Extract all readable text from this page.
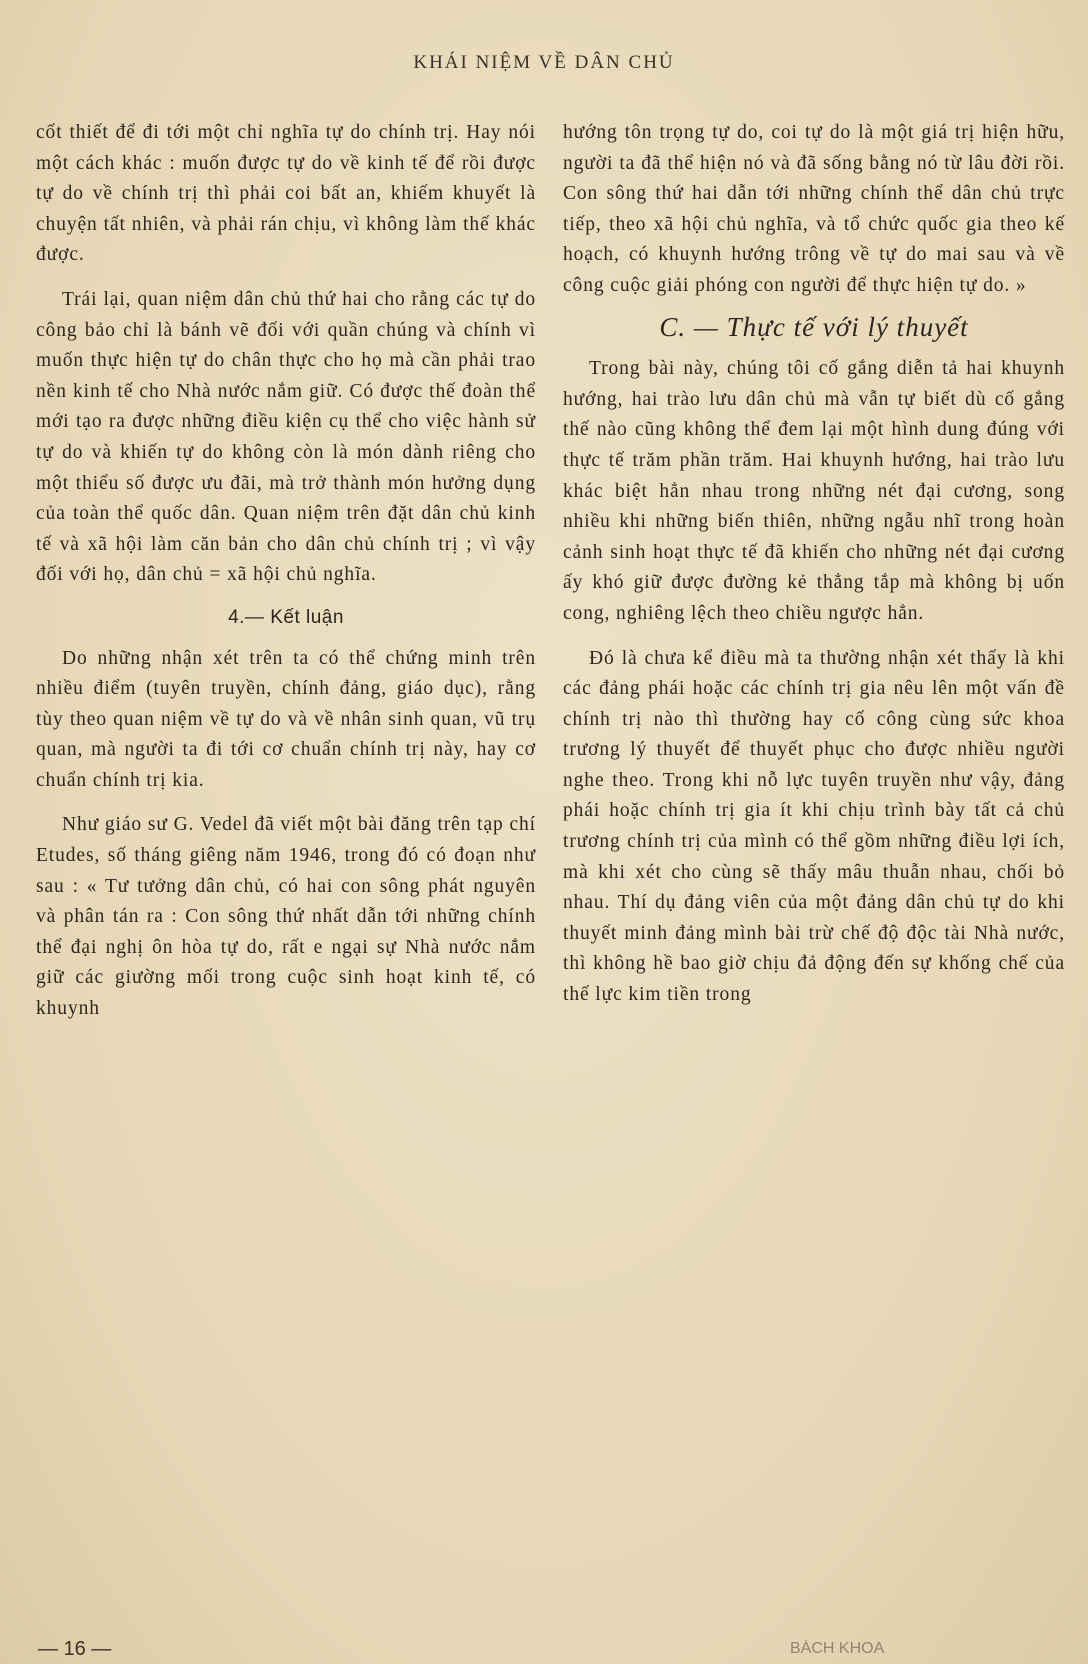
KHÁI NIỆM VỀ DÂN CHỦ

cốt thiết để đi tới một chỉ nghĩa tự do chính trị. Hay nói một cách khác : muốn được tự do về kinh tế để rồi được tự do về chính trị thì phải coi bất an, khiếm khuyết là chuyện tất nhiên, và phải rán chịu, vì không làm thế khác được.

Trái lại, quan niệm dân chủ thứ hai cho rằng các tự do công bảo chỉ là bánh vẽ đối với quần chúng và chính vì muốn thực hiện tự do chân thực cho họ mà cần phải trao nền kinh tế cho Nhà nước nắm giữ. Có được thế đoàn thể mới tạo ra được những điều kiện cụ thể cho việc hành sử tự do và khiến tự do không còn là món dành riêng cho một thiểu số được ưu đãi, mà trở thành món hưởng dụng của toàn thể quốc dân. Quan niệm trên đặt dân chủ kinh tế và xã hội làm căn bản cho dân chủ chính trị ; vì vậy đối với họ, dân chủ = xã hội chủ nghĩa.

4.— Kết luận

Do những nhận xét trên ta có thể chứng minh trên nhiều điểm (tuyên truyền, chính đảng, giáo dục), rằng tùy theo quan niệm về tự do và về nhân sinh quan, vũ trụ quan, mà người ta đi tới cơ chuẩn chính trị này, hay cơ chuẩn chính trị kia.

Như giáo sư G. Vedel đã viết một bài đăng trên tạp chí Etudes, số tháng giêng năm 1946, trong đó có đoạn như sau : « Tư tưởng dân chủ, có hai con sông phát nguyên và phân tán ra : Con sông thứ nhất dẫn tới những chính thể đại nghị ôn hòa tự do, rất e ngại sự Nhà nước nắm giữ các giường mối trong cuộc sinh hoạt kinh tế, có khuynh

hướng tôn trọng tự do, coi tự do là một giá trị hiện hữu, người ta đã thể hiện nó và đã sống bằng nó từ lâu đời rồi. Con sông thứ hai dẫn tới những chính thể dân chủ trực tiếp, theo xã hội chủ nghĩa, và tổ chức quốc gia theo kế hoạch, có khuynh hướng trông về tự do mai sau và về công cuộc giải phóng con người để thực hiện tự do. »

C. — Thực tế với lý thuyết

Trong bài này, chúng tôi cố gắng diễn tả hai khuynh hướng, hai trào lưu dân chủ mà vẫn tự biết dù cố gắng thế nào cũng không thể đem lại một hình dung đúng với thực tế trăm phần trăm. Hai khuynh hướng, hai trào lưu khác biệt hẳn nhau trong những nét đại cương, song nhiều khi những biến thiên, những ngẫu nhĩ trong hoàn cảnh sinh hoạt thực tế đã khiến cho những nét đại cương ấy khó giữ được đường kẻ thẳng tắp mà không bị uốn cong, nghiêng lệch theo chiều ngược hẳn.

Đó là chưa kể điều mà ta thường nhận xét thấy là khi các đảng phái hoặc các chính trị gia nêu lên một vấn đề chính trị nào thì thường hay cố công cùng sức khoa trương lý thuyết để thuyết phục cho được nhiều người nghe theo. Trong khi nỗ lực tuyên truyền như vậy, đảng phái hoặc chính trị gia ít khi chịu trình bày tất cả chủ trương chính trị của mình có thể gồm những điều lợi ích, mà khi xét cho cùng sẽ thấy mâu thuẫn nhau, chối bỏ nhau. Thí dụ đảng viên của một đảng dân chủ tự do khi thuyết minh đảng mình bài trừ chế độ độc tài Nhà nước, thì không hề bao giờ chịu đả động đến sự khống chế của thế lực kim tiền trong

— 16 —	BÁCH KHOA
